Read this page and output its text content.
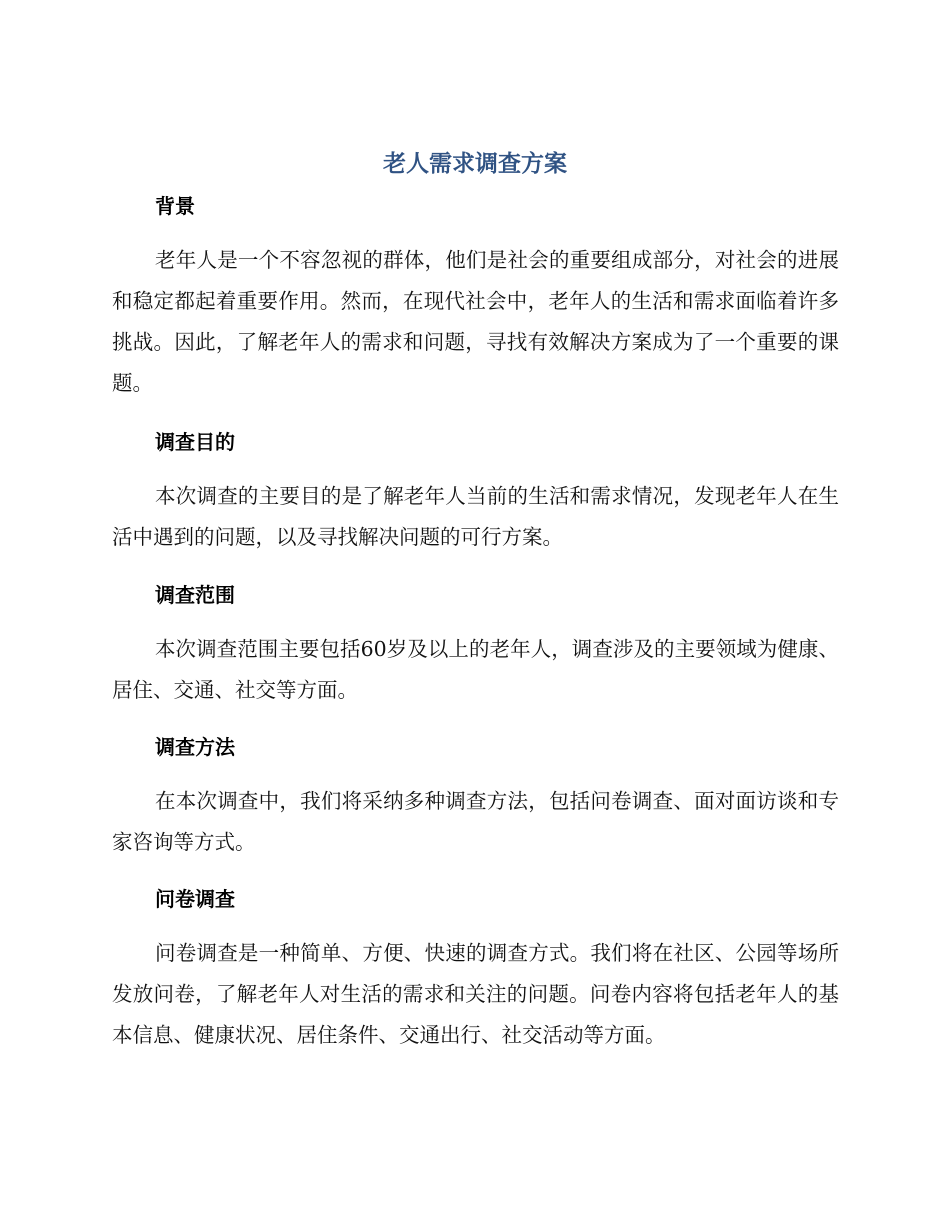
老人需求调查方案
背景

老年人是一个不容忽视的群体，他们是社会的重要组成部分，对社会的进展和稳定都起着重要作用。然而，在现代社会中，老年人的生活和需求面临着许多挑战。因此，了解老年人的需求和问题，寻找有效解决方案成为了一个重要的课题。

调查目的

本次调查的主要目的是了解老年人当前的生活和需求情况，发现老年人在生活中遇到的问题，以及寻找解决问题的可行方案。

调查范围

本次调查范围主要包括60岁及以上的老年人，调查涉及的主要领域为健康、居住、交通、社交等方面。

调查方法

在本次调查中，我们将采纳多种调查方法，包括问卷调查、面对面访谈和专家咨询等方式。

问卷调查

问卷调查是一种简单、方便、快速的调查方式。我们将在社区、公园等场所发放问卷，了解老年人对生活的需求和关注的问题。问卷内容将包括老年人的基本信息、健康状况、居住条件、交通出行、社交活动等方面。
